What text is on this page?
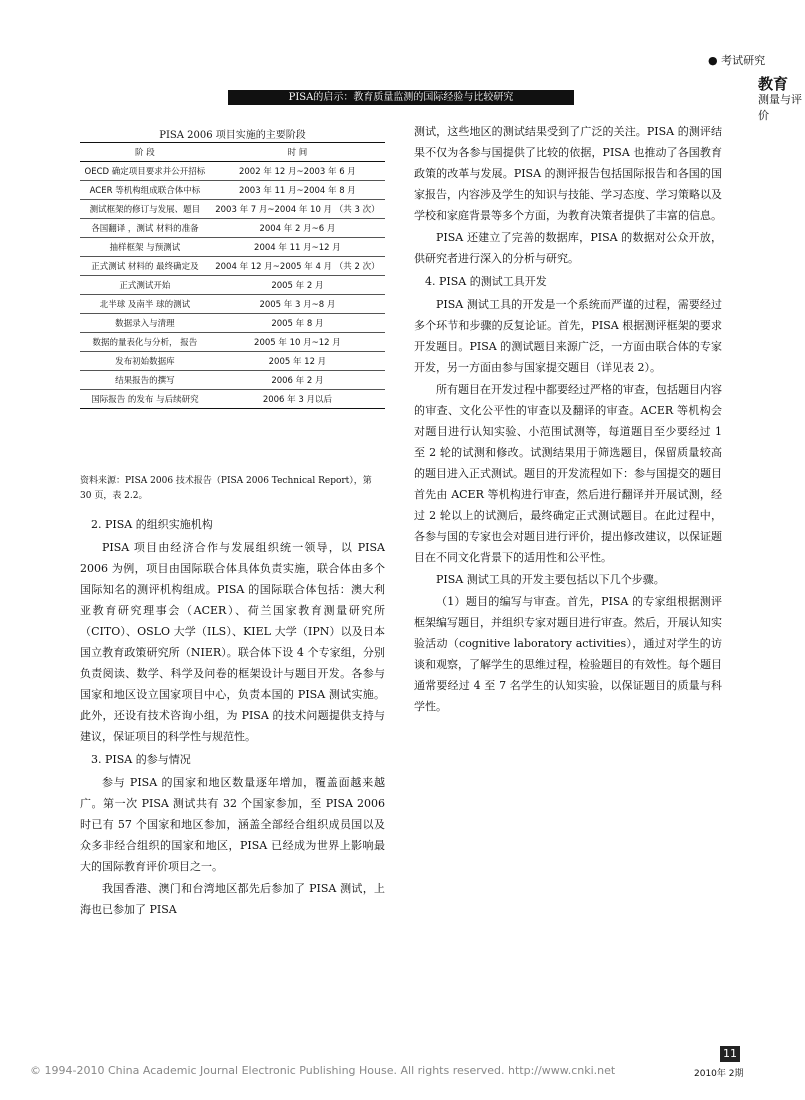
● 考试研究
教育
测量与评价
PISA的启示：教育质量监测的国际经验与比较研究
PISA 2006 项目实施的主要阶段
阶 段	时 间
OECD 确定项目要求并公开招标	2002 年 12 月~2003 年 6 月
ACER 等机构组成联合体中标	2003 年 11 月~2004 年 8 月
测试框架的修订与发展、题目	2003 年 7 月~2004 年 10 月 （共 3 次）
各国翻译 ，测试 材料的准备	2004 年 2 月~6 月
抽样框架 与预测试	2004 年 11 月~12 月
正式测试 材料的 最终确定及	2004 年 12 月~2005 年 4 月 （共 2 次）
正式测试开始	2005 年 2 月
北半球 及南半 球的测试	2005 年 3 月~8 月
数据录入与清理	2005 年 8 月
数据的量表化与分析， 报告	2005 年 10 月~12 月
发布初始数据库	2005 年 12 月
结果报告的撰写	2006 年 2 月
国际报告 的发布 与后续研究	2006 年 3 月以后
资料来源：PISA 2006 技术报告（PISA 2006 Technical Report），第 30 页，表 2.2。
2. PISA 的组织实施机构

PISA 项目由经济合作与发展组织统一领导，以 PISA 2006 为例，项目由国际联合体具体负责实施，联合体由多个国际知名的测评机构组成。PISA 的国际联合体包括：澳大利亚教育研究理事会（ACER）、荷兰国家教育测量研究所（CITO）、OSLO 大学（ILS）、KIEL 大学（IPN）以及日本国立教育政策研究所（NIER）。联合体下设 4 个专家组，分别负责阅读、数学、科学及问卷的框架设计与题目开发。各参与国家和地区设立国家项目中心，负责本国的 PISA 测试实施。此外，还设有技术咨询小组，为 PISA 的技术问题提供支持与建议，保证项目的科学性与规范性。

3. PISA 的参与情况

参与 PISA 的国家和地区数量逐年增加，覆盖面越来越广。第一次 PISA 测试共有 32 个国家参加，至 PISA 2006 时已有 57 个国家和地区参加，涵盖全部经合组织成员国以及众多非经合组织的国家和地区，PISA 已经成为世界上影响最大的国际教育评价项目之一。

我国香港、澳门和台湾地区都先后参加了 PISA 测试，上海也已参加了 PISA

测试，这些地区的测试结果受到了广泛的关注。PISA 的测评结果不仅为各参与国提供了比较的依据，PISA 也推动了各国教育政策的改革与发展。PISA 的测评报告包括国际报告和各国的国家报告，内容涉及学生的知识与技能、学习态度、学习策略以及学校和家庭背景等多个方面，为教育决策者提供了丰富的信息。

PISA 还建立了完善的数据库，PISA 的数据对公众开放，供研究者进行深入的分析与研究。

4. PISA 的测试工具开发

PISA 测试工具的开发是一个系统而严谨的过程，需要经过多个环节和步骤的反复论证。首先，PISA 根据测评框架的要求开发题目。PISA 的测试题目来源广泛，一方面由联合体的专家开发，另一方面由参与国家提交题目（详见表 2）。

所有题目在开发过程中都要经过严格的审查，包括题目内容的审查、文化公平性的审查以及翻译的审查。ACER 等机构会对题目进行认知实验、小范围试测等，每道题目至少要经过 1 至 2 轮的试测和修改。试测结果用于筛选题目，保留质量较高的题目进入正式测试。题目的开发流程如下：参与国提交的题目首先由 ACER 等机构进行审查，然后进行翻译并开展试测，经过 2 轮以上的试测后，最终确定正式测试题目。在此过程中，各参与国的专家也会对题目进行评价，提出修改建议，以保证题目在不同文化背景下的适用性和公平性。

PISA 测试工具的开发主要包括以下几个步骤。

（1）题目的编写与审查。首先，PISA 的专家组根据测评框架编写题目，并组织专家对题目进行审查。然后，开展认知实验活动（cognitive laboratory activities），通过对学生的访谈和观察，了解学生的思维过程，检验题目的有效性。每个题目通常要经过 4 至 7 名学生的认知实验，以保证题目的质量与科学性。

11
2010年 2期
© 1994-2010 China Academic Journal Electronic Publishing House. All rights reserved. http://www.cnki.net
